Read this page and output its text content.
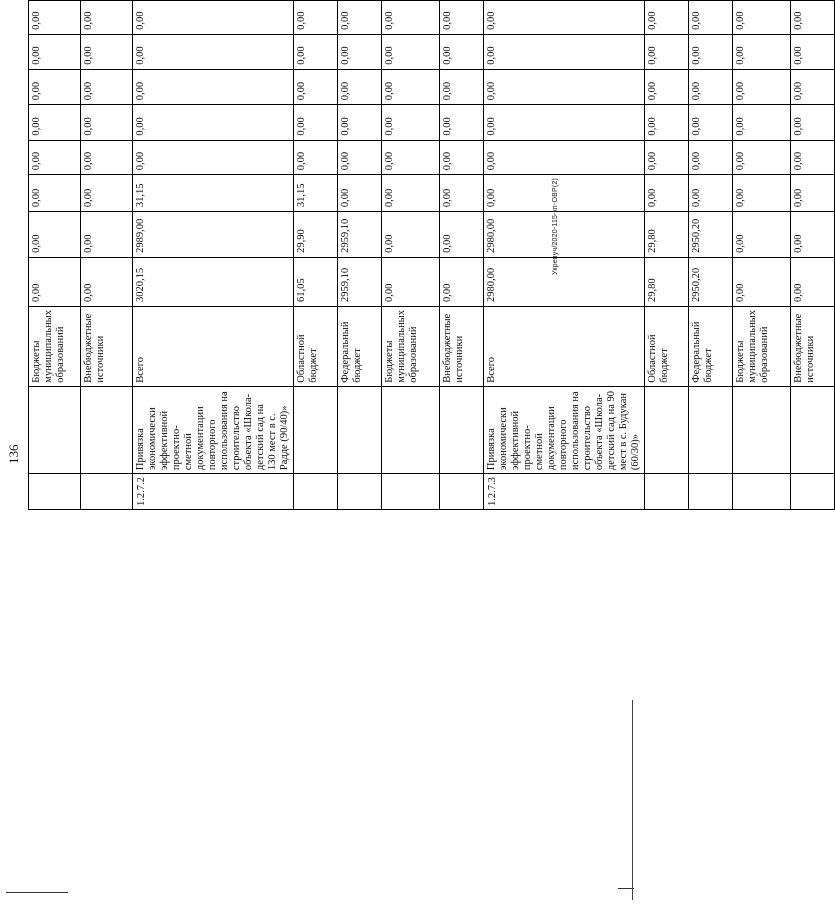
136
		Бюджеты муниципальных образований	0,00	0,00	0,00	0,00	0,00	0,00	0,00	0,00
		Внебюджетные источники	0,00	0,00	0,00	0,00	0,00	0,00	0,00	0,00
1.2.7.2	Привязка экономически эффективной проектно-сметной документации повторного использования на строительство объекта «Школа-детский сад на 130 мест в с. Радде (90/40)»	Всего	3020,15	2989,00	31,15	0,00	0,00	0,00	0,00	0,00
		Областной бюджет	61,05	29,90	31,15	0,00	0,00	0,00	0,00	0,00
		Федеральный бюджет	2959,10	2959,10	0,00	0,00	0,00	0,00	0,00	0,00
		Бюджеты муниципальных образований	0,00	0,00	0,00	0,00	0,00	0,00	0,00	0,00
		Внебюджетные источники	0,00	0,00	0,00	0,00	0,00	0,00	0,00	0,00
1.2.7.3	Привязка экономически эффективной проектно-сметной документации повторного использования на строительство объекта «Школа-детский сад на 90 мест в с. Будукан (60/30)»	Всего	2980,00	2980,00	0,00	0,00	0,00	0,00	0,00	0,00
		Областной бюджет	29,80	29,80	0,00	0,00	0,00	0,00	0,00	0,00
		Федеральный бюджет	2950,20	2950,20	0,00	0,00	0,00	0,00	0,00	0,00
		Бюджеты муниципальных образований	0,00	0,00	0,00	0,00	0,00	0,00	0,00	0,00
		Внебюджетные источники	0,00	0,00	0,00	0,00	0,00	0,00	0,00	0,00
Укрепуч/2020-115-кп-ОВР(2)
